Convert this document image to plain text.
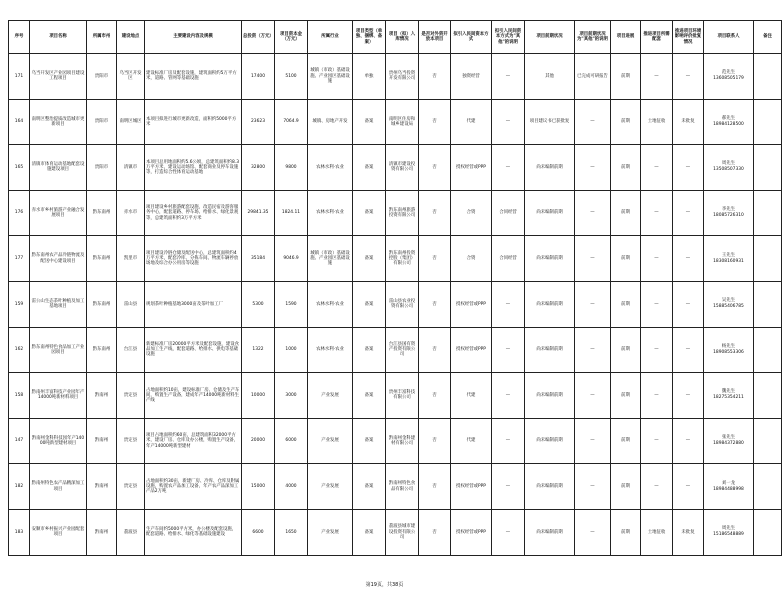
序号	项目名称	所属市州	建设地点	主要建设内容及规模	总投资（万元）	项目资本金（万元）	所属行业	项目类型（单独、捆绑、备案）	项目（拟）入库情况	是否对外资开放本项目	拟引入民间资本方式	拟引入民间资本方式为"其他"的说明	项目前期状况	项目前期状况为"其他"的说明	项目进展	推进项目所需配套	推进项目环境影响评价批复情况	项目联系人	备注

171	乌当开发区产业园项目建设工程项目	贵阳市	乌当区开发区	建设标准厂房及配套设施，建筑面积约5万平方米，道路、管网等基础设施	17400	5100	城镇（市政）基础设施、产业园区基础设施	单独	贵州乌当投资开发有限公司	否	独资经营	—	其他	已完成可研报告	前期	—	—	范先生
13608505179	

164	南明区整治提质改造城市更新项目	贵阳市	南明区城区	本项目拟进行城市更新改造，面积约5000平方米	23623	7064.9	城镇、房地产开发	备案	南明区住房和城乡建设局	否	代建	—	项目建议书已获批复	—	前期	土地征收	未批复	郝先生
18984128500	

165	清镇市体育运动基地配套设施建设项目	贵阳市	清镇市	本项目总用地面积约5.6公顷，总建筑面积约8.3万平方米，建设运动场馆、配套商业及停车设施等，打造综合性体育运动基地	32800	9800	农林水利·农业	备案	清镇市建设投资有限公司	否	授权经营或PPP	—	尚未编制前期	—	前期	—	—	周先生
13508507330	

176	赤水市乡村旅游产业融合发展项目	黔东南州	赤水市	项目建设乡村旅游配套设施，改造民宿及游客服务中心，配套道路、停车场、给排水、绿化景观等，总建筑面积约3万平方米	29841.35	1824.11	农林水利·农业	备案	黔东南州旅游投资有限公司	否	合资	合同经营	尚未编制前期	—	前期	—	—	李先生
18085726310	

177	黔东南州农产品冷链物流及配送中心建设项目	黔东南州	凯里市	项目建设冷链仓储及配送中心，总建筑面积约4万平方米，配套冷库、分拣车间、物流车辆停放场地及综合办公用房等设施	35184	9046.9	城镇（市政）基础设施、产业园区基础设施	备案	黔东南州投资控股（集团）有限公司	否	合资	合同经营	尚未编制前期	—	前期	—	—	王先生
18308160931	

159	雷公山生态茶叶种植及加工基地项目	黔东南州	雷山县	规划茶叶种植基地3000亩及茶叶加工厂	5300	1590	农林水利·农业	备案	雷山县农业投资有限公司	否	授权经营或PPP	—	尚未编制前期	—	前期	—	—	吴先生
15885406785	

162	黔东南州特色食品加工产业园项目	黔东南州	台江县	新建标准厂房20000平方米及配套设施，建设食品加工生产线，配套道路、给排水、供电等基础设施	1322	1000	农林水利·农业	备案	台江县国有资产投资有限公司	否	授权经营或PPP	—	尚未编制前期	—	前期	—	—	杨先生
18908553306	

158	黔南州丰富科技产业园年产14000吨新材料项目	黔南州	贵定县	占地面积约10亩，建设标准厂房、仓储及生产车间，购置生产设备，建成年产14000吨新材料生产线	10000	3000	产业发展	备案	贵州丰富科技有限公司	否	代建	—	尚未编制前期	—	前期	—	—	魏先生
18275354211	

147	黔南州金科科技园年产14000吨新型建材项目	黔南州	贵定县	项目占地面积约60亩，总建筑面积32000平方米，建设厂房、仓库及办公楼，购置生产设备，年产14000吨新型建材	20000	6000	产业发展	备案	黔南州金科建材有限公司	否	代建	—	尚未编制前期	—	前期	—	—	张先生
18984372880	

182	黔南州特色农产品精深加工项目	黔南州	贵定县	占地面积约30亩，新建厂房、冷库、仓库及附属设施，购置农产品加工设备，年产农产品深加工产品2万吨	15000	4000	产业发展	备案	黔南州特色食品有限公司	否	授权经营或PPP	—	尚未编制前期	—	前期	—	—	刘一龙
18984488998	

183	安顺市乡村振兴产业园配套项目	黔南州	荔波县	生产车间约5000平方米，办公楼及配套设施，配套道路、给排水、绿化等基础设施建设	6600	1650	产业发展	备案	荔波县城市建设投资有限公司	否	授权经营或PPP	—	尚未编制前期	—	前期	土地征收	未批复	周先生
15186548889	

第19页，共38页
